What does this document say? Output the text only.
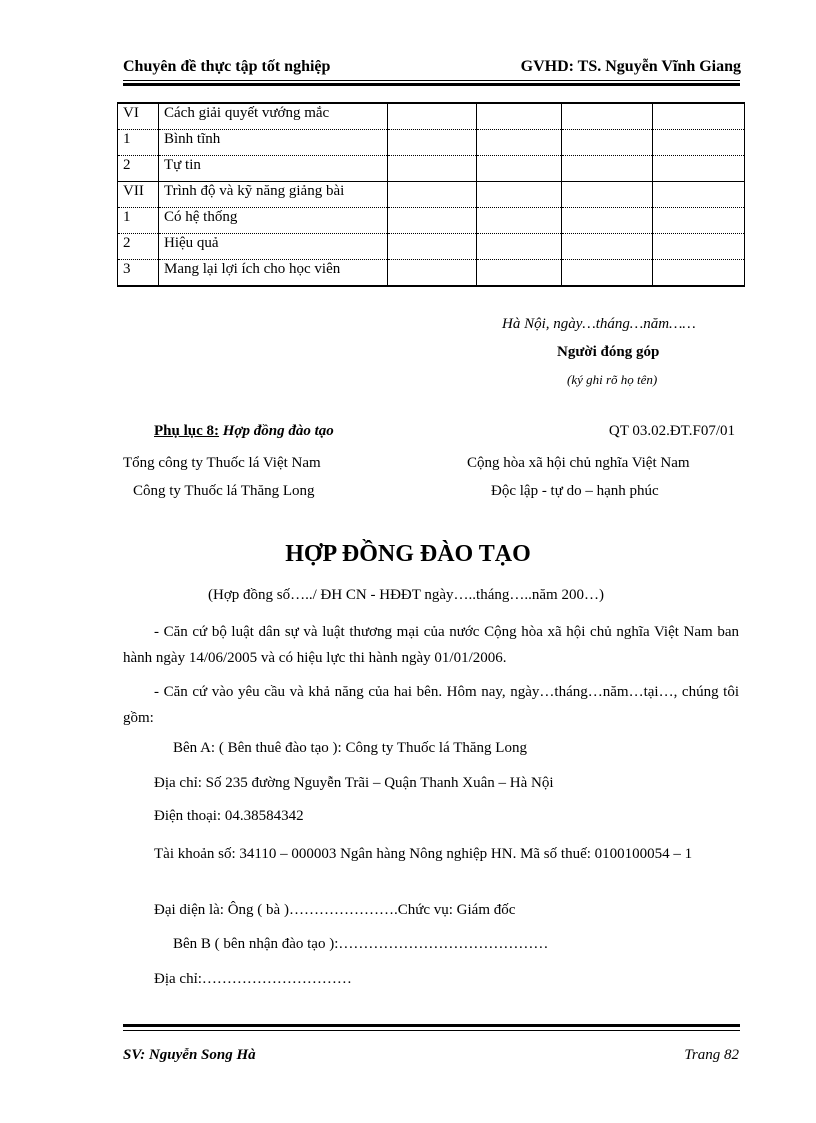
Chuyên đề thực tập tốt nghiệp	GVHD: TS. Nguyễn Vĩnh Giang
VI	Cách giải quyết vướng mắc				
1	Bình tĩnh				
2	Tự tin				
VII	Trình độ và kỹ năng giảng bài				
1	Có hệ thống				
2	Hiệu quả				
3	Mang lại lợi ích cho học viên				
Hà Nội, ngày…tháng…năm……
Người đóng góp
(ký ghi rõ họ tên)
Phụ lục 8: Hợp đồng đào tạo	QT 03.02.ĐT.F07/01
Tổng công ty Thuốc lá Việt Nam
Công ty Thuốc lá Thăng Long
Cộng hòa xã hội chủ nghĩa Việt Nam
Độc lập - tự do – hạnh phúc
HỢP ĐỒNG ĐÀO TẠO
(Hợp đồng số…../ ĐH CN - HĐĐT ngày…..tháng…..năm 200…)
- Căn cứ bộ luật dân sự và luật thương mại của nước Cộng hòa xã hội chủ nghĩa Việt Nam ban hành ngày 14/06/2005 và có hiệu lực thi hành ngày 01/01/2006.
- Căn cứ vào yêu cầu và khả năng của hai bên. Hôm nay, ngày…tháng…năm…tại…, chúng tôi gồm:
Bên A: ( Bên thuê đào tạo ): Công ty Thuốc lá Thăng Long
Địa chỉ: Số 235 đường Nguyễn Trãi – Quận Thanh Xuân – Hà Nội
Điện thoại: 04.38584342
Tài khoản số: 34110 – 000003 Ngân hàng Nông nghiệp HN. Mã số thuế: 0100100054 – 1
Đại diện là: Ông ( bà )………………….Chức vụ: Giám đốc
Bên B ( bên nhận đào tạo ):……………………………………
Địa chỉ:…………………………
SV: Nguyễn Song Hà	Trang 82
